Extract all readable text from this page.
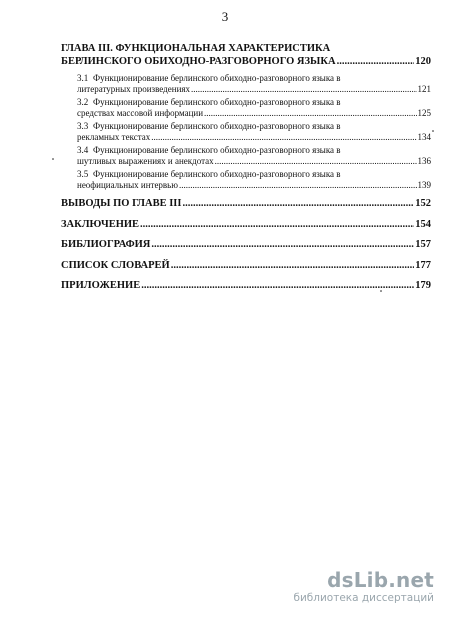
3
ГЛАВА III. ФУНКЦИОНАЛЬНАЯ ХАРАКТЕРИСТИКА
БЕРЛИНСКОГО ОБИХОДНО-РАЗГОВОРНОГО ЯЗЫКА .....	120
3.1 Функционирование берлинского обиходно-разговорного языка в
литературных произведениях .....	121
3.2 Функционирование берлинского обиходно-разговорного языка в
средствах массовой информации .....	125
3.3 Функционирование берлинского обиходно-разговорного языка в
рекламных текстах .....	134
3.4 Функционирование берлинского обиходно-разговорного языка в
шутливых выражениях и анекдотах .....	136
3.5 Функционирование берлинского обиходно-разговорного языка в
неофициальных интервью .....	139
ВЫВОДЫ ПО ГЛАВЕ III .....	152
ЗАКЛЮЧЕНИЕ .....	154
БИБЛИОГРАФИЯ .....	157
СПИСОК СЛОВАРЕЙ .....	177
ПРИЛОЖЕНИЕ .....	179
dsLib.net
библиотека диссертаций
